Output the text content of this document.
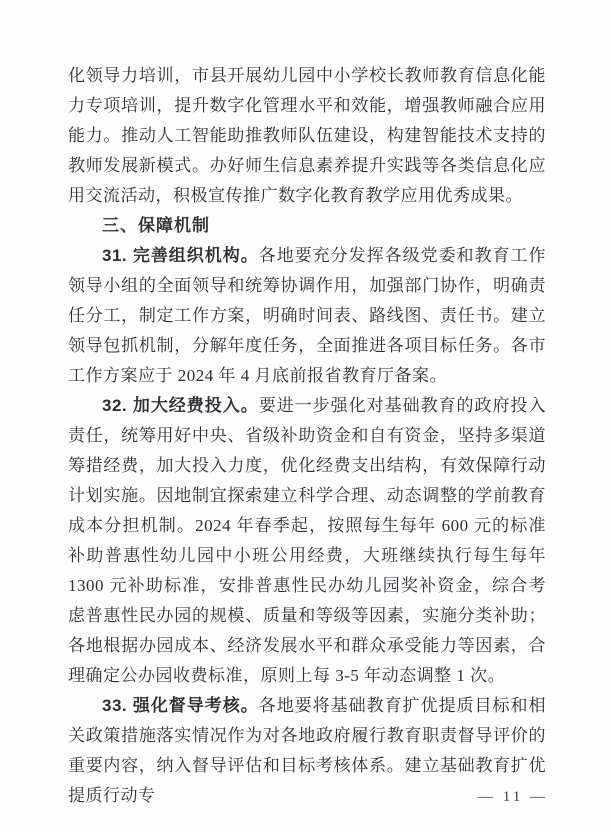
化领导力培训，市县开展幼儿园中小学校长教师教育信息化能力专项培训，提升数字化管理水平和效能，增强教师融合应用能力。推动人工智能助推教师队伍建设，构建智能技术支持的教师发展新模式。办好师生信息素养提升实践等各类信息化应用交流活动，积极宣传推广数字化教育教学应用优秀成果。

三、保障机制

31. 完善组织机构。各地要充分发挥各级党委和教育工作领导小组的全面领导和统筹协调作用，加强部门协作，明确责任分工，制定工作方案，明确时间表、路线图、责任书。建立领导包抓机制，分解年度任务，全面推进各项目标任务。各市工作方案应于 2024 年 4 月底前报省教育厅备案。

32. 加大经费投入。要进一步强化对基础教育的政府投入责任，统筹用好中央、省级补助资金和自有资金，坚持多渠道筹措经费，加大投入力度，优化经费支出结构，有效保障行动计划实施。因地制宜探索建立科学合理、动态调整的学前教育成本分担机制。2024 年春季起，按照每生每年 600 元的标准补助普惠性幼儿园中小班公用经费，大班继续执行每生每年 1300 元补助标准，安排普惠性民办幼儿园奖补资金，综合考虑普惠性民办园的规模、质量和等级等因素，实施分类补助；各地根据办园成本、经济发展水平和群众承受能力等因素，合理确定公办园收费标准，原则上每 3-5 年动态调整 1 次。

33. 强化督导考核。各地要将基础教育扩优提质目标和相关政策措施落实情况作为对各地政府履行教育职责督导评价的重要内容，纳入督导评估和目标考核体系。建立基础教育扩优提质行动专	— 11 —
